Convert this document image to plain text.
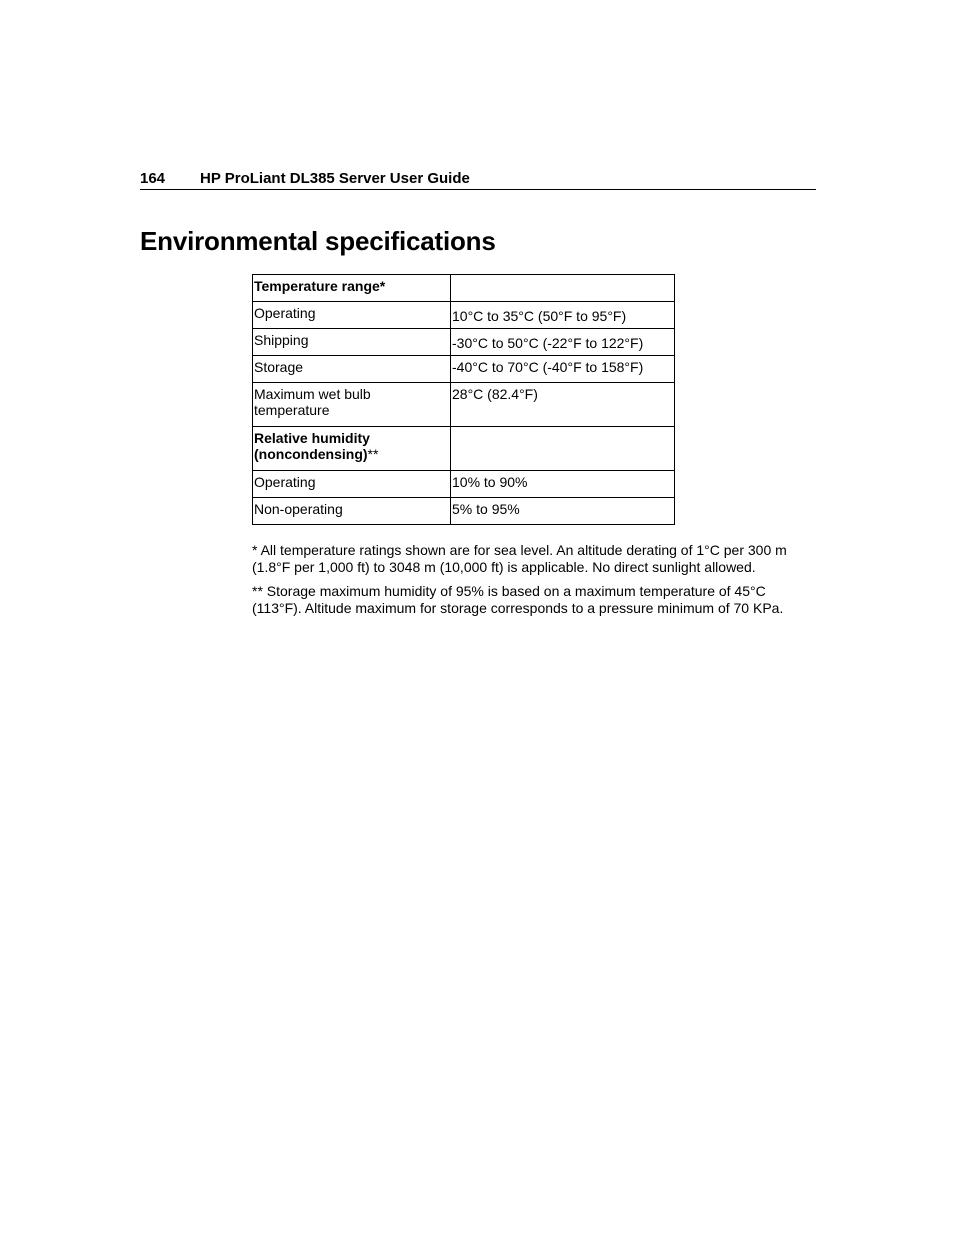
164 HP ProLiant DL385 Server User Guide
Environmental specifications
Temperature range*	
Operating	10°C to 35°C (50°F to 95°F)
Shipping	-30°C to 50°C (-22°F to 122°F)
Storage	-40°C to 70°C (-40°F to 158°F)
Maximum wet bulb temperature	28°C (82.4°F)
Relative humidity (noncondensing)**	
Operating	10% to 90%
Non-operating	5% to 95%

* All temperature ratings shown are for sea level. An altitude derating of 1°C per 300 m (1.8°F per 1,000 ft) to 3048 m (10,000 ft) is applicable. No direct sunlight allowed.

** Storage maximum humidity of 95% is based on a maximum temperature of 45°C (113°F). Altitude maximum for storage corresponds to a pressure minimum of 70 KPa.
